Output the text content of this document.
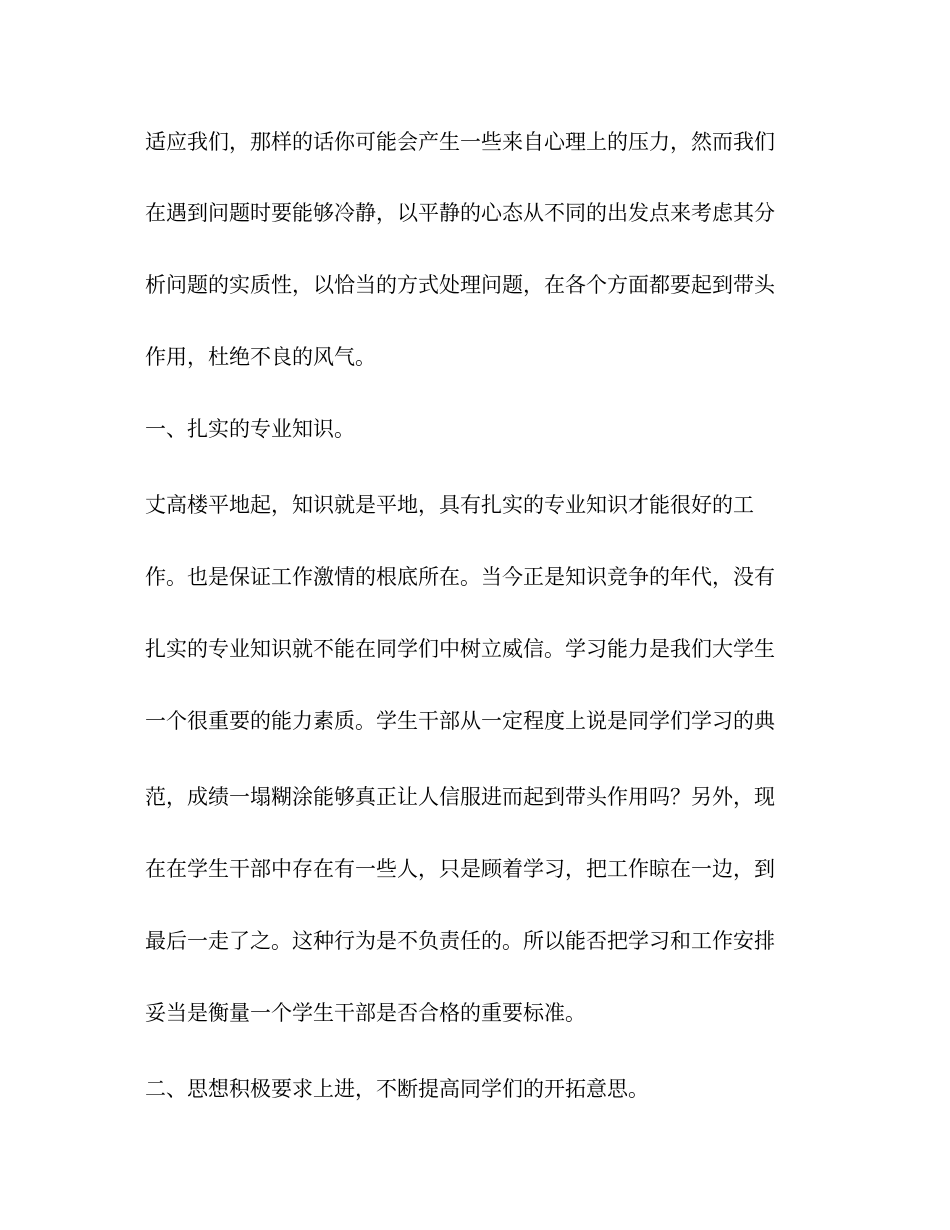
适应我们，那样的话你可能会产生一些来自心理上的压力，然而我们
在遇到问题时要能够冷静，以平静的心态从不同的出发点来考虑其分
析问题的实质性，以恰当的方式处理问题，在各个方面都要起到带头
作用，杜绝不良的风气。
一、扎实的专业知识。
丈高楼平地起，知识就是平地，具有扎实的专业知识才能很好的工
作。也是保证工作激情的根底所在。当今正是知识竞争的年代，没有
扎实的专业知识就不能在同学们中树立威信。学习能力是我们大学生
一个很重要的能力素质。学生干部从一定程度上说是同学们学习的典
范，成绩一塌糊涂能够真正让人信服进而起到带头作用吗？另外，现
在在学生干部中存在有一些人，只是顾着学习，把工作晾在一边，到
最后一走了之。这种行为是不负责任的。所以能否把学习和工作安排
妥当是衡量一个学生干部是否合格的重要标准。
二、思想积极要求上进，不断提高同学们的开拓意思。
